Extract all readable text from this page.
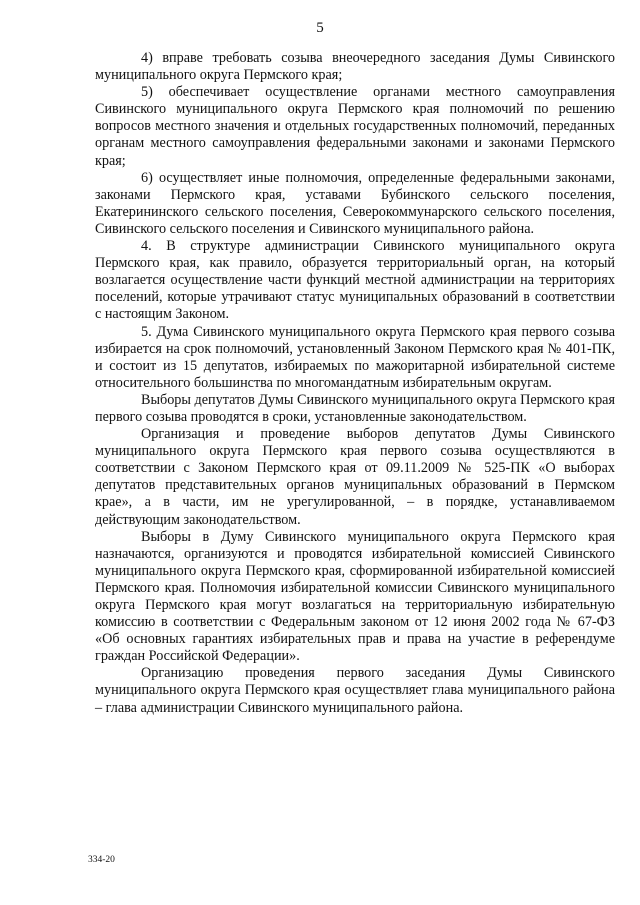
5

4) вправе требовать созыва внеочередного заседания Думы Сивинского муниципального округа Пермского края;

5) обеспечивает осуществление органами местного самоуправления Сивинского муниципального округа Пермского края полномочий по решению вопросов местного значения и отдельных государственных полномочий, переданных органам местного самоуправления федеральными законами и законами Пермского края;

6) осуществляет иные полномочия, определенные федеральными законами, законами Пермского края, уставами Бубинского сельского поселения, Екатерининского сельского поселения, Северокоммунарского сельского поселения, Сивинского сельского поселения и Сивинского муниципального района.

4. В структуре администрации Сивинского муниципального округа Пермского края, как правило, образуется территориальный орган, на который возлагается осуществление части функций местной администрации на территориях поселений, которые утрачивают статус муниципальных образований в соответствии с настоящим Законом.

5. Дума Сивинского муниципального округа Пермского края первого созыва избирается на срок полномочий, установленный Законом Пермского края № 401-ПК, и состоит из 15 депутатов, избираемых по мажоритарной избирательной системе относительного большинства по многомандатным избирательным округам.

Выборы депутатов Думы Сивинского муниципального округа Пермского края первого созыва проводятся в сроки, установленные законодательством.

Организация и проведение выборов депутатов Думы Сивинского муниципального округа Пермского края первого созыва осуществляются в соответствии с Законом Пермского края от 09.11.2009 № 525-ПК «О выборах депутатов представительных органов муниципальных образований в Пермском крае», а в части, им не урегулированной, – в порядке, устанавливаемом действующим законодательством.

Выборы в Думу Сивинского муниципального округа Пермского края назначаются, организуются и проводятся избирательной комиссией Сивинского муниципального округа Пермского края, сформированной избирательной комиссией Пермского края. Полномочия избирательной комиссии Сивинского муниципального округа Пермского края могут возлагаться на территориальную избирательную комиссию в соответствии с Федеральным законом от 12 июня 2002 года № 67-ФЗ «Об основных гарантиях избирательных прав и права на участие в референдуме граждан Российской Федерации».

Организацию проведения первого заседания Думы Сивинского муниципального округа Пермского края осуществляет глава муниципального района – глава администрации Сивинского муниципального района.

334-20
